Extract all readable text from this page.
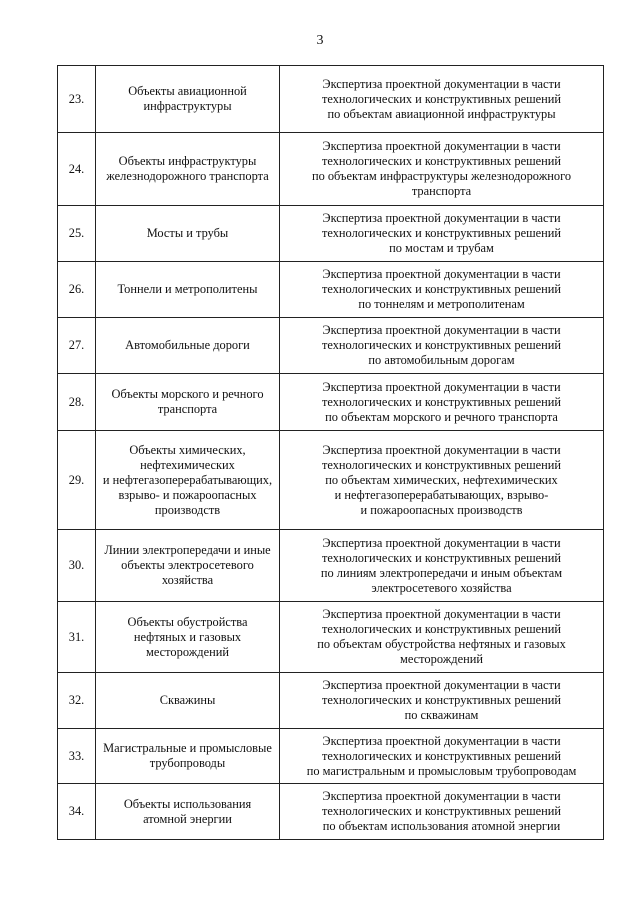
3
23.	Объекты авиационной
инфраструктуры	Экспертиза проектной документации в части
технологических и конструктивных решений
по объектам авиационной инфраструктуры

24.	Объекты инфраструктуры
железнодорожного транспорта	Экспертиза проектной документации в части
технологических и конструктивных решений
по объектам инфраструктуры железнодорожного
транспорта

25.	Мосты и трубы	Экспертиза проектной документации в части
технологических и конструктивных решений
по мостам и трубам

26.	Тоннели и метрополитены	Экспертиза проектной документации в части
технологических и конструктивных решений
по тоннелям и метрополитенам

27.	Автомобильные дороги	Экспертиза проектной документации в части
технологических и конструктивных решений
по автомобильным дорогам

28.	Объекты морского и речного
транспорта	Экспертиза проектной документации в части
технологических и конструктивных решений
по объектам морского и речного транспорта

29.	Объекты химических,
нефтехимических
и нефтегазоперерабатывающих,
взрыво- и пожароопасных
производств	Экспертиза проектной документации в части
технологических и конструктивных решений
по объектам химических, нефтехимических
и нефтегазоперерабатывающих, взрыво-
и пожароопасных производств

30.	Линии электропередачи и иные
объекты электросетевого
хозяйства	Экспертиза проектной документации в части
технологических и конструктивных решений
по линиям электропередачи и иным объектам
электросетевого хозяйства

31.	Объекты обустройства
нефтяных и газовых
месторождений	Экспертиза проектной документации в части
технологических и конструктивных решений
по объектам обустройства нефтяных и газовых
месторождений

32.	Скважины	Экспертиза проектной документации в части
технологических и конструктивных решений
по скважинам

33.	Магистральные и промысловые
трубопроводы	Экспертиза проектной документации в части
технологических и конструктивных решений
по магистральным и промысловым трубопроводам

34.	Объекты использования
атомной энергии	Экспертиза проектной документации в части
технологических и конструктивных решений
по объектам использования атомной энергии
